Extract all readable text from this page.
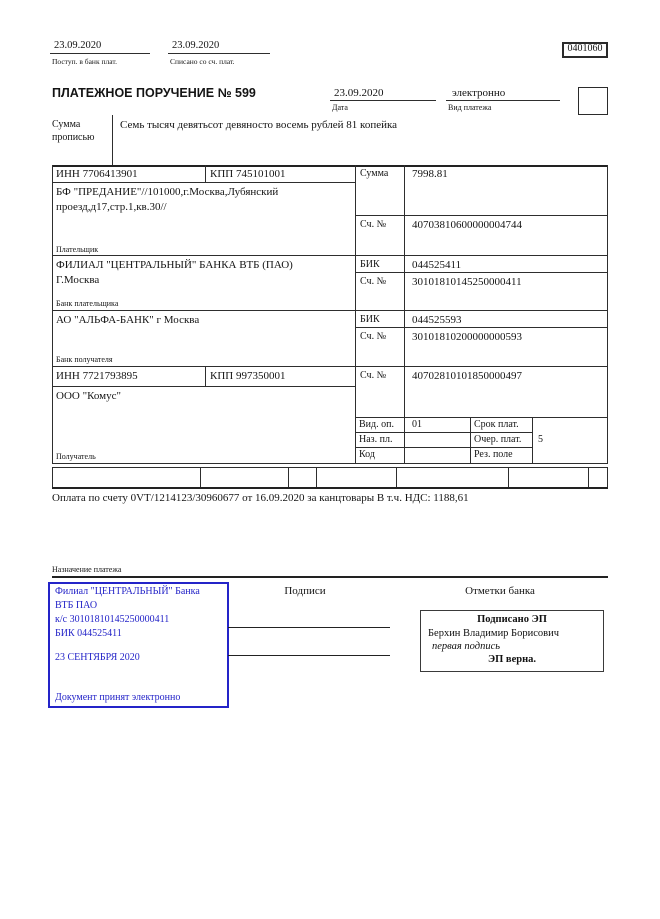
23.09.2020
Поступ. в банк плат.
23.09.2020
Списано со сч. плат.
0401060
ПЛАТЕЖНОЕ ПОРУЧЕНИЕ № 599	23.09.2020
Дата
электронно
Вид платежа
Сумма
прописью
Семь тысяч девятьсот девяносто восемь рублей 81 копейка
ИНН 7706413901	КПП 745101001
БФ "ПРЕДАНИЕ"//101000,г.Москва,Лубянский
проезд,д17,стр.1,кв.30//
Плательщик
Сумма 7998.81
Сч. № 40703810600000004744
ФИЛИАЛ "ЦЕНТРАЛЬНЫЙ" БАНКА ВТБ (ПАО)
Г.Москва
Банк плательщика
БИК	044525411
Сч. № 30101810145250000411
АО "АЛЬФА-БАНК" г Москва
Банк получателя
БИК	044525593
Сч. № 30101810200000000593
ИНН 7721793895	КПП 997350001
ООО "Комус"
Получатель
Сч. № 40702810101850000497
Вид. оп. 01	Срок плат.
Наз. пл.	Очер. плат. 5
Код	Рез. поле
Оплата по счету 0VT/1214123/30960677 от 16.09.2020 за канцтовары В т.ч. НДС: 1188,61
Назначение платежа
Подписи	Отметки банка
Филиал "ЦЕНТРАЛЬНЫЙ" Банка
ВТБ ПАО
к/с 30101810145250000411
БИК 044525411
23 СЕНТЯБРЯ 2020
Документ принят электронно
Подписано ЭП
Берхин Владимир Борисович
первая подпись
ЭП верна.
